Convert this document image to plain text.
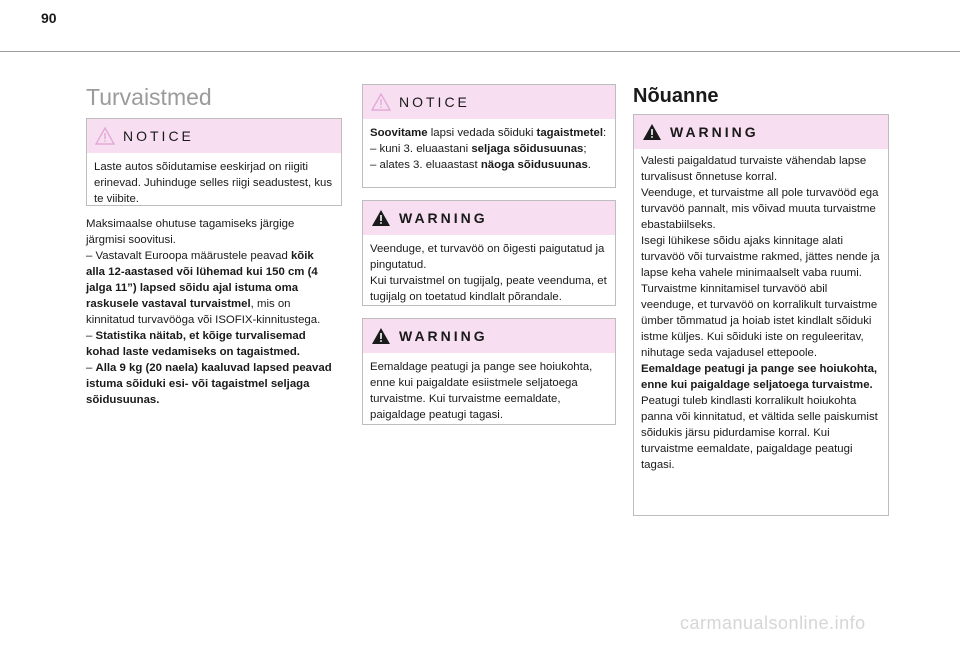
90
Turvaistmed
NOTICE

Laste autos sõidutamise eeskirjad on riigiti erinevad. Juhinduge selles riigi seadustest, kus te viibite.

Maksimaalse ohutuse tagamiseks järgige järgmisi soovitusi.

– Vastavalt Euroopa määrustele peavad kõik alla 12-aastased või lühemad kui 150 cm (4 jalga 11”) lapsed sõidu ajal istuma oma raskusele vastaval turvaistmel, mis on kinnitatud turvavööga või ISOFIX-kinnitustega.

– Statistika näitab, et kõige turvalisemad kohad laste vedamiseks on tagaistmed.

– Alla 9 kg (20 naela) kaaluvad lapsed peavad istuma sõiduki esi- või tagaistmel seljaga sõidusuunas.

NOTICE

Soovitame lapsi vedada sõiduki tagaistmetel:

– kuni 3. eluaastani seljaga sõidusuunas;

– alates 3. eluaastast näoga sõidusuunas.

WARNING

Veenduge, et turvavöö on õigesti paigutatud ja pingutatud.

Kui turvaistmel on tugijalg, peate veenduma, et tugijalg on toetatud kindlalt põrandale.

WARNING

Eemaldage peatugi ja pange see hoiukohta, enne kui paigaldate esiistmele seljatoega turvaistme. Kui turvaistme eemaldate, paigaldage peatugi tagasi.

Nõuanne
WARNING

Valesti paigaldatud turvaiste vähendab lapse turvalisust õnnetuse korral.

Veenduge, et turvaistme all pole turvavööd ega turvavöö pannalt, mis võivad muuta turvaistme ebastabiilseks.

Isegi lühikese sõidu ajaks kinnitage alati turvavöö või turvaistme rakmed, jättes nende ja lapse keha vahele minimaalselt vaba ruumi.

Turvaistme kinnitamisel turvavöö abil veenduge, et turvavöö on korralikult turvaistme ümber tõmmatud ja hoiab istet kindlalt sõiduki istme küljes. Kui sõiduki iste on reguleeritav, nihutage seda vajadusel ettepoole.

Eemaldage peatugi ja pange see hoiukohta, enne kui paigaldage seljatoega turvaistme.

Peatugi tuleb kindlasti korralikult hoiukohta panna või kinnitatud, et vältida selle paiskumist sõidukis järsu pidurdamise korral. Kui turvaistme eemaldate, paigaldage peatugi tagasi.

carmanualsonline.info
